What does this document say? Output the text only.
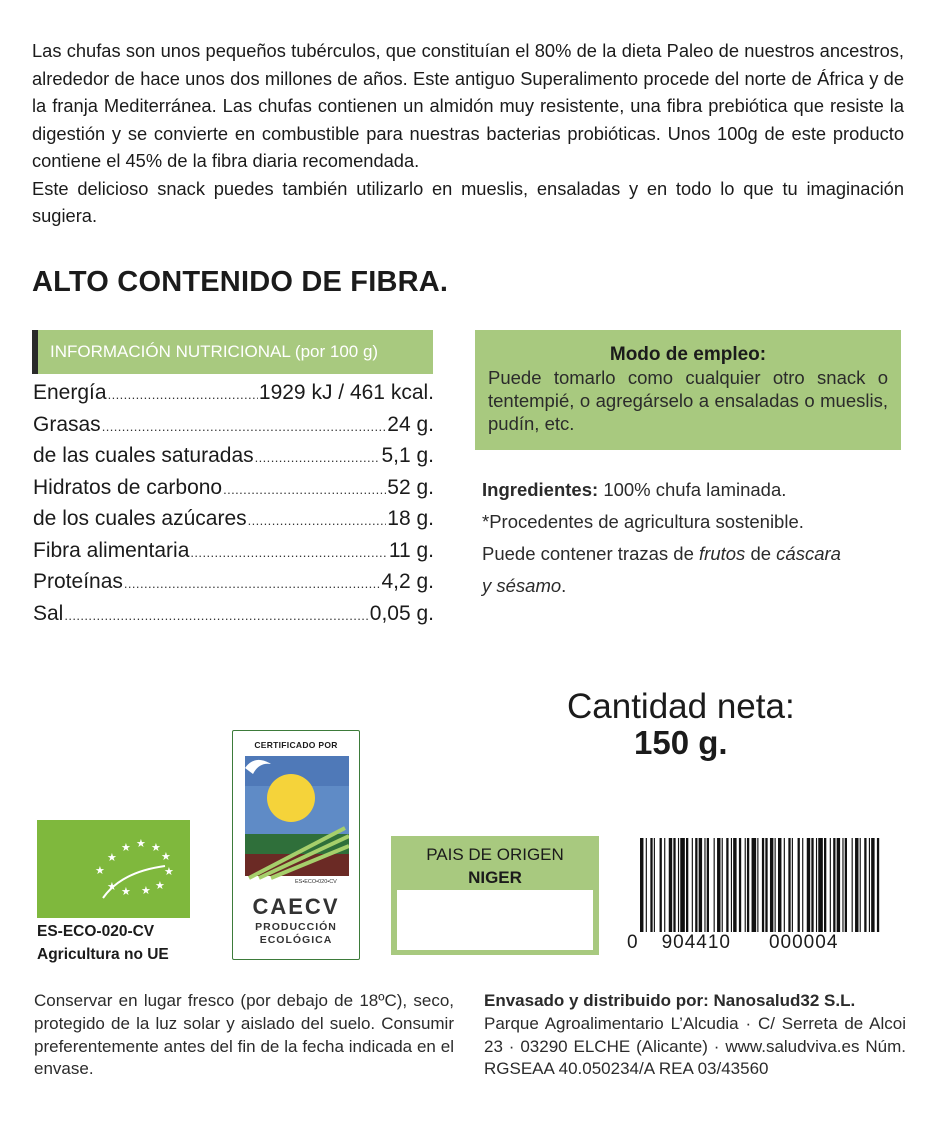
Las chufas son unos pequeños tubérculos, que constituían el 80% de la dieta Paleo de nuestros ancestros, alrededor de hace unos dos millones de años. Este antiguo Superalimento procede del norte de África y de la franja Mediterránea. Las chufas contienen un almidón muy resistente, una fibra prebiótica que resiste la digestión y se convierte en combustible para nuestras bacterias probióticas. Unos 100g de este producto contiene el 45% de la fibra diaria recomendada.

Este delicioso snack puedes también utilizarlo en mueslis, ensaladas y en todo lo que tu imaginación sugiera.

ALTO CONTENIDO DE FIBRA.
INFORMACIÓN NUTRICIONAL (por 100 g)
Energía .....	1929 kJ / 461 kcal.
Grasas .....	24 g.
de las cuales saturadas .....	5,1 g.
Hidratos de carbono .....	52 g.
de los cuales azúcares .....	18 g.
Fibra alimentaria .....	11 g.
Proteínas .....	4,2 g.
Sal .....	0,05 g.
Modo de empleo:
Puede tomarlo como cualquier otro snack o tentempié, o agregárselo a ensaladas o mueslis, pudín, etc.

Ingredientes: 100% chufa laminada.

*Procedentes de agricultura sostenible.

Puede contener trazas de frutos de cáscara
y sésamo.

Cantidad neta:
150 g.
★ ★ ★
★	★
★	★
★	★
★ ★
ES-ECO-020-CV
Agricultura no UE
CERTIFICADO POR
ES•ECO•020•CV
CAECV
PRODUCCIÓN
ECOLÓGICA
PAIS DE ORIGEN
NIGER
0 904410 000004
Conservar en lugar fresco (por debajo de 18ºC), seco, protegido de la luz solar y aislado del suelo. Consumir preferentemente antes del fin de la fecha indicada en el envase.

Envasado y distribuido por: Nanosalud32 S.L.

Parque Agroalimentario L’Alcudia · C/ Serreta de Alcoi 23 · 03290 ELCHE (Alicante) · www.saludviva.es Núm. RGSEAA 40.050234/A REA 03/43560
